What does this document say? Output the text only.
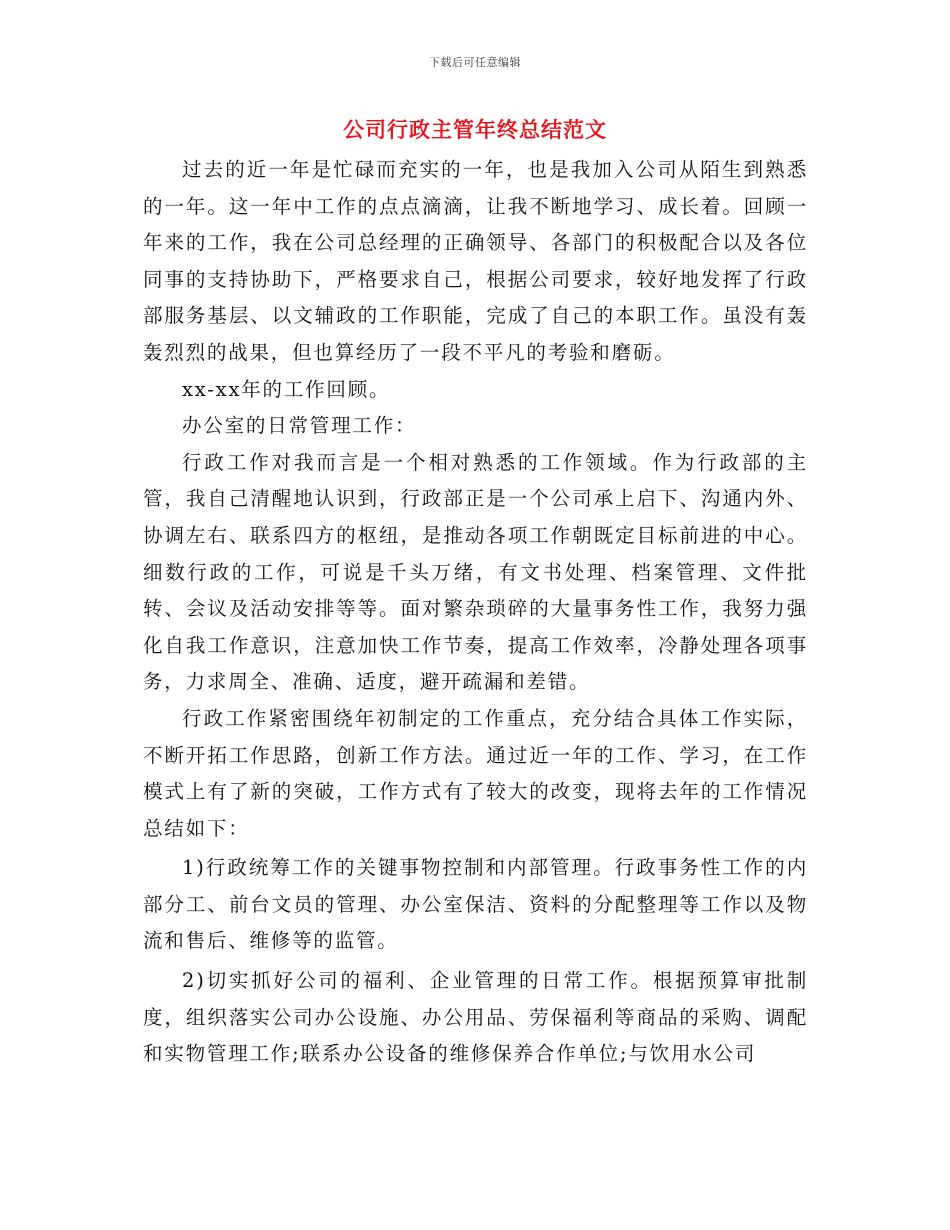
下载后可任意编辑
公司行政主管年终总结范文

过去的近一年是忙碌而充实的一年，也是我加入公司从陌生到熟悉的一年。这一年中工作的点点滴滴，让我不断地学习、成长着。回顾一年来的工作，我在公司总经理的正确领导、各部门的积极配合以及各位同事的支持协助下，严格要求自己，根据公司要求，较好地发挥了行政部服务基层、以文辅政的工作职能，完成了自己的本职工作。虽没有轰轰烈烈的战果，但也算经历了一段不平凡的考验和磨砺。

xx-xx年的工作回顾。

办公室的日常管理工作：

行政工作对我而言是一个相对熟悉的工作领域。作为行政部的主管，我自己清醒地认识到，行政部正是一个公司承上启下、沟通内外、协调左右、联系四方的枢纽，是推动各项工作朝既定目标前进的中心。 细数行政的工作，可说是千头万绪，有文书处理、档案管理、文件批转、会议及活动安排等等。面对繁杂琐碎的大量事务性工作，我努力强化自我工作意识，注意加快工作节奏，提高工作效率，冷静处理各项事务，力求周全、准确、适度，避开疏漏和差错。

行政工作紧密围绕年初制定的工作重点，充分结合具体工作实际，不断开拓工作思路，创新工作方法。通过近一年的工作、学习，在工作模式上有了新的突破，工作方式有了较大的改变，现将去年的工作情况总结如下：

1)行政统筹工作的关键事物控制和内部管理。行政事务性工作的内部分工、前台文员的管理、办公室保洁、资料的分配整理等工作以及物流和售后、维修等的监管。

2)切实抓好公司的福利、企业管理的日常工作。根据预算审批制度，组织落实公司办公设施、办公用品、劳保福利等商品的采购、调配和实物管理工作;联系办公设备的维修保养合作单位;与饮用水公司
